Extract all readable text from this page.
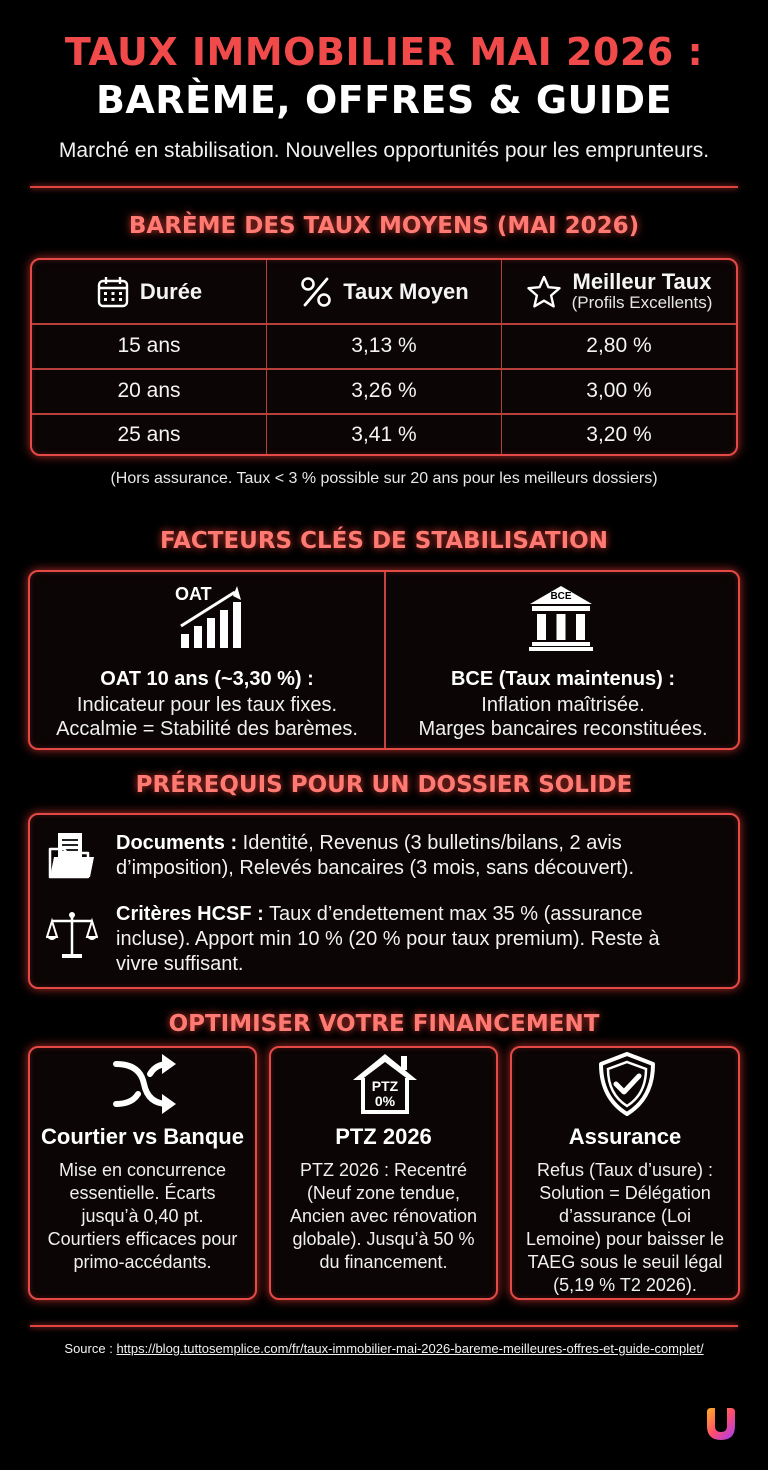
TAUX IMMOBILIER MAI 2026 :
BARÈME, OFFRES & GUIDE
Marché en stabilisation. Nouvelles opportunités pour les emprunteurs.
BARÈME DES TAUX MOYENS (MAI 2026)
Durée	Taux Moyen	Meilleur Taux
(Profils Excellents)
15 ans	3,13 %	2,80 %
20 ans	3,26 %	3,00 %
25 ans	3,41 %	3,20 %
(Hors assurance. Taux < 3 % possible sur 20 ans pour les meilleurs dossiers)
FACTEURS CLÉS DE STABILISATION
OAT
OAT 10 ans (~3,30 %) :
Indicateur pour les taux fixes.
Accalmie = Stabilité des barèmes.
BCE
BCE (Taux maintenus) :
Inflation maîtrisée.
Marges bancaires reconstituées.
PRÉREQUIS POUR UN DOSSIER SOLIDE
Documents : Identité, Revenus (3 bulletins/bilans, 2 avis
d’imposition), Relevés bancaires (3 mois, sans découvert).
Critères HCSF : Taux d’endettement max 35 % (assurance
incluse). Apport min 10 % (20 % pour taux premium). Reste à
vivre suffisant.
OPTIMISER VOTRE FINANCEMENT
Courtier vs Banque
Mise en concurrence
essentielle. Écarts
jusqu’à 0,40 pt.
Courtiers efficaces pour
primo-accédants.
PTZ
0%
PTZ 2026
PTZ 2026 : Recentré
(Neuf zone tendue,
Ancien avec rénovation
globale). Jusqu’à 50 %
du financement.
Assurance
Refus (Taux d’usure) :
Solution = Délégation
d’assurance (Loi
Lemoine) pour baisser le
TAEG sous le seuil légal
(5,19 % T2 2026).
Source : https://blog.tuttosemplice.com/fr/taux-immobilier-mai-2026-bareme-meilleures-offres-et-guide-complet/
